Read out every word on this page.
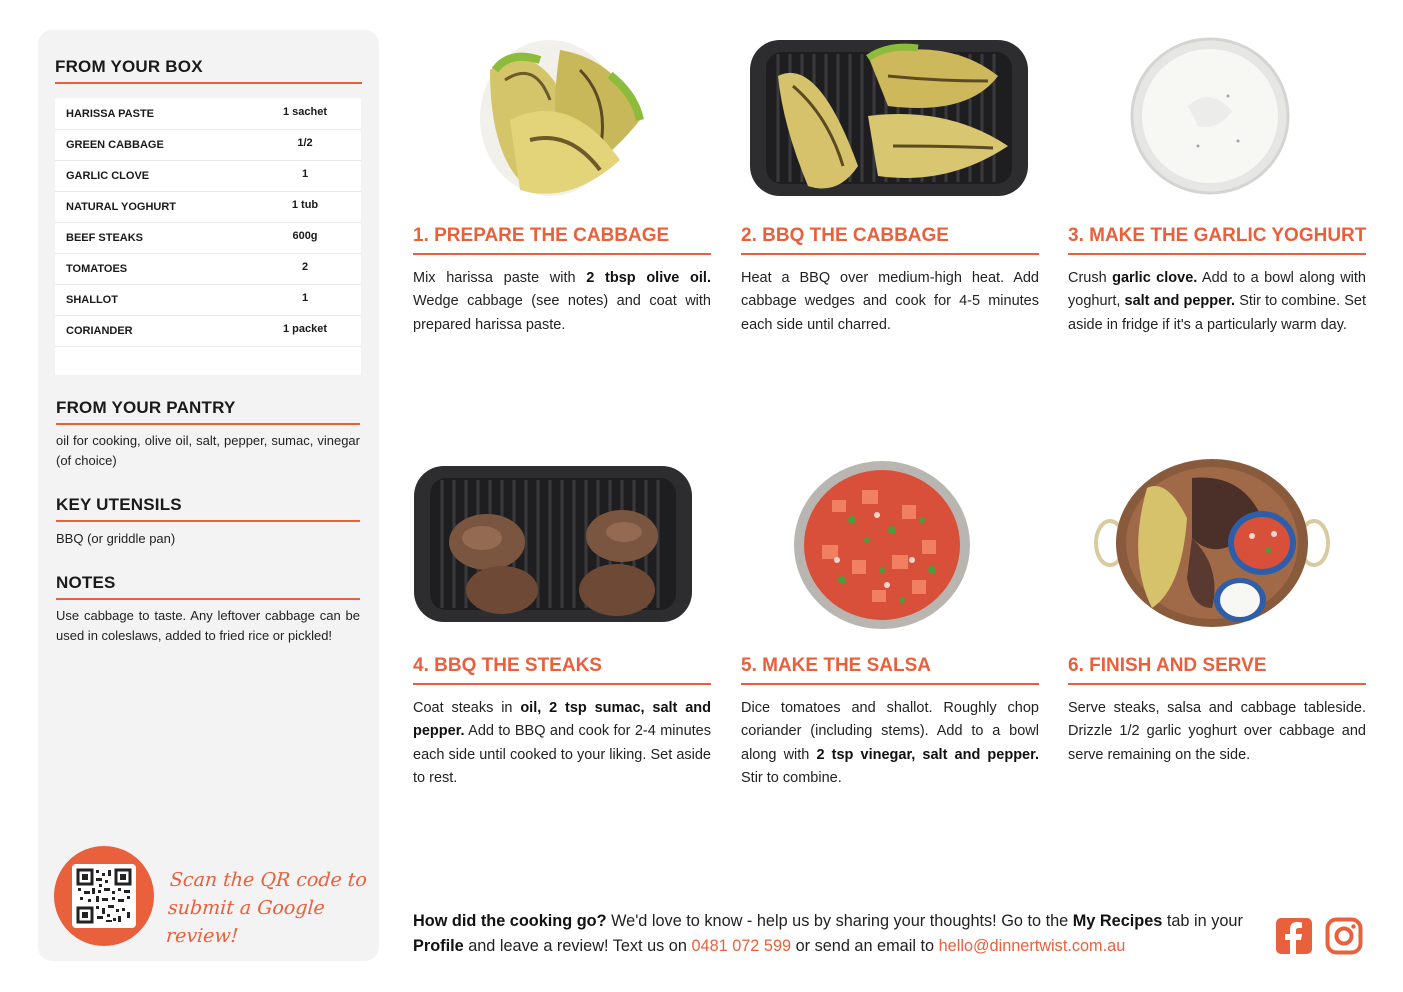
FROM YOUR BOX
HARISSA PASTE	1 sachet
GREEN CABBAGE	1/2
GARLIC CLOVE	1
NATURAL YOGHURT	1 tub
BEEF STEAKS	600g
TOMATOES	2
SHALLOT	1
CORIANDER	1 packet
FROM YOUR PANTRY
oil for cooking, olive oil, salt, pepper, sumac, vinegar (of choice)
KEY UTENSILS
BBQ (or griddle pan)
NOTES
Use cabbage to taste. Any leftover cabbage can be used in coleslaws, added to fried rice or pickled!
Scan the QR code to
submit a Google review!
1. PREPARE THE CABBAGE
Mix harissa paste with 2 tbsp olive oil. Wedge cabbage (see notes) and coat with prepared harissa paste.
2. BBQ THE CABBAGE
Heat a BBQ over medium-high heat. Add cabbage wedges and cook for 4-5 minutes each side until charred.
3. MAKE THE GARLIC YOGHURT
Crush garlic clove. Add to a bowl along with yoghurt, salt and pepper. Stir to combine. Set aside in fridge if it's a particularly warm day.
4. BBQ THE STEAKS
Coat steaks in oil, 2 tsp sumac, salt and pepper. Add to BBQ and cook for 2-4 minutes each side until cooked to your liking. Set aside to rest.
5. MAKE THE SALSA
Dice tomatoes and shallot. Roughly chop coriander (including stems). Add to a bowl along with 2 tsp vinegar, salt and pepper. Stir to combine.
6. FINISH AND SERVE
Serve steaks, salsa and cabbage tableside. Drizzle 1/2 garlic yoghurt over cabbage and serve remaining on the side.
How did the cooking go? We'd love to know - help us by sharing your thoughts! Go to the My Recipes tab in your Profile and leave a review! Text us on 0481 072 599 or send an email to hello@dinnertwist.com.au
